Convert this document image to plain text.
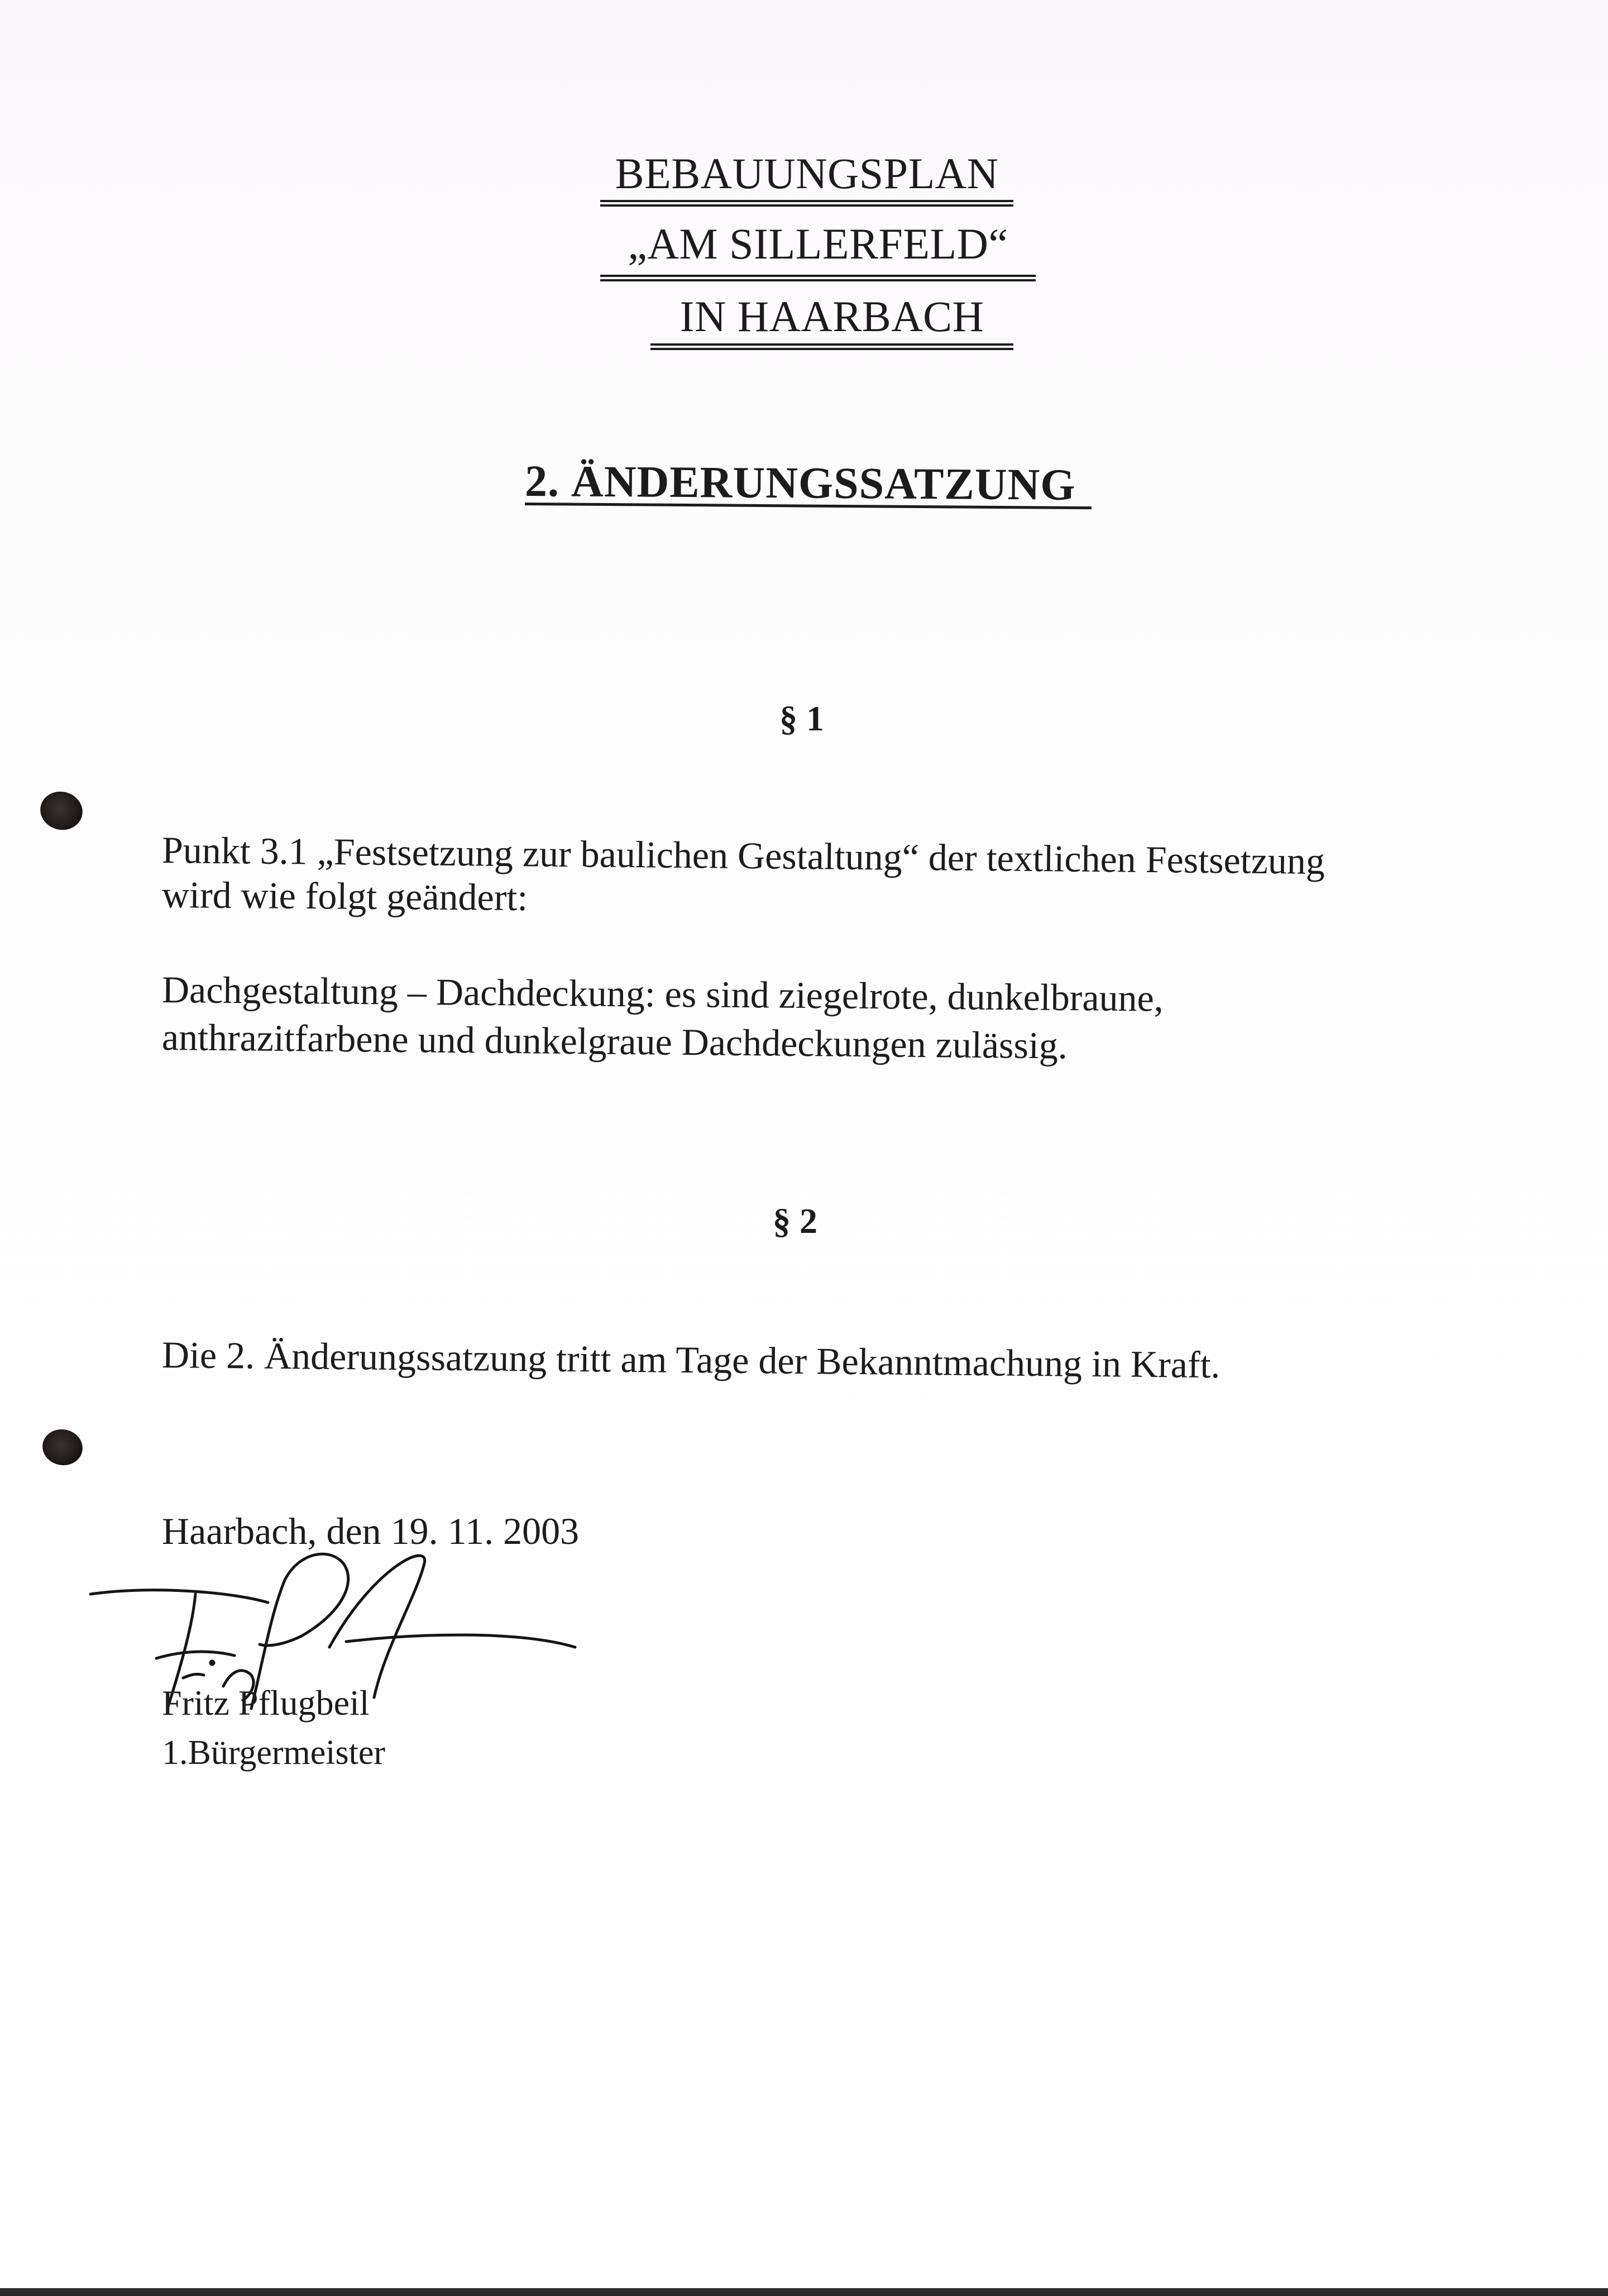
BEBAUUNGSPLAN
„AM SILLERFELD“
IN HAARBACH
2. ÄNDERUNGSSATZUNG
§ 1
Punkt 3.1 „Festsetzung zur baulichen Gestaltung“ der textlichen Festsetzung
wird wie folgt geändert:
Dachgestaltung – Dachdeckung: es sind ziegelrote, dunkelbraune,
anthrazitfarbene und dunkelgraue Dachdeckungen zulässig.
§ 2
Die 2. Änderungssatzung tritt am Tage der Bekanntmachung in Kraft.
Haarbach, den 19. 11. 2003
Fritz Pflugbeil
1.Bürgermeister
